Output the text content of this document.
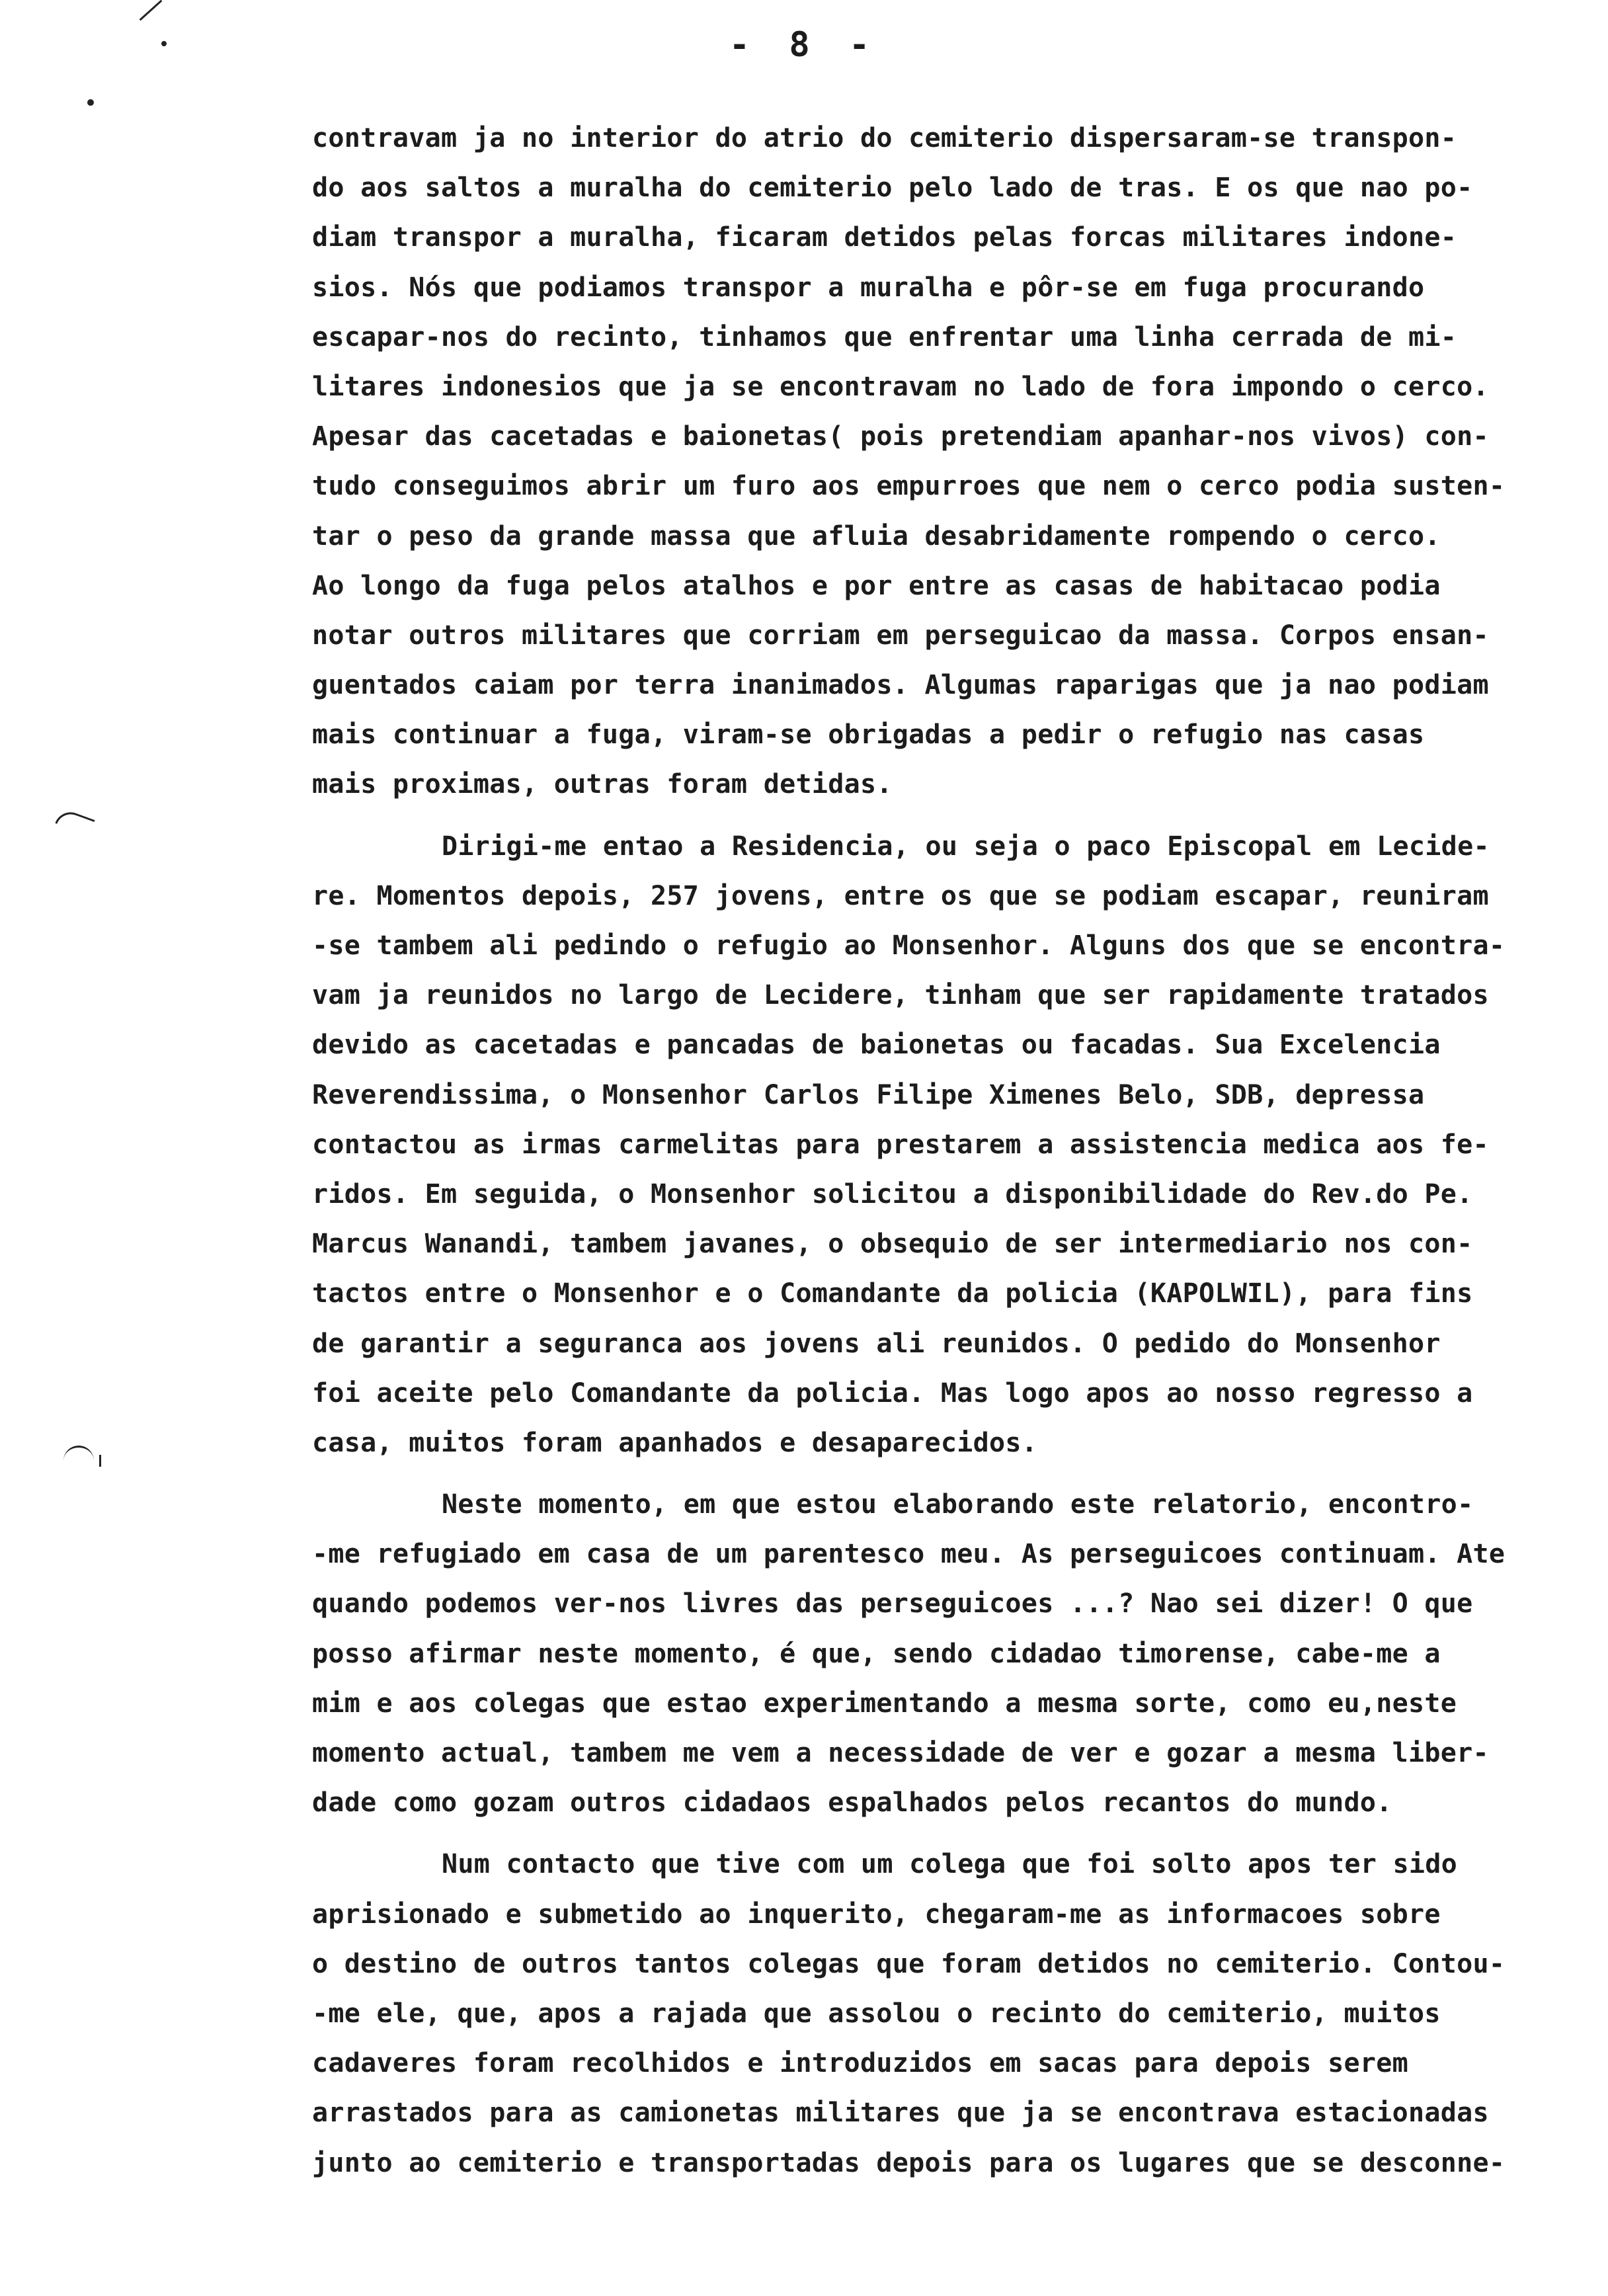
- 8 -
contravam ja no interior do atrio do cemiterio dispersaram-se transpon-
do aos saltos a muralha do cemiterio pelo lado de tras. E os que nao po-
diam transpor a muralha, ficaram detidos pelas forcas militares indone-
sios. Nós que podiamos transpor a muralha e pôr-se em fuga procurando
escapar-nos do recinto, tinhamos que enfrentar uma linha cerrada de mi-
litares indonesios que ja se encontravam no lado de fora impondo o cerco.
Apesar das cacetadas e baionetas( pois pretendiam apanhar-nos vivos) con-
tudo conseguimos abrir um furo aos empurroes que nem o cerco podia susten-
tar o peso da grande massa que afluia desabridamente rompendo o cerco.
Ao longo da fuga pelos atalhos e por entre as casas de habitacao podia
notar outros militares que corriam em perseguicao da massa. Corpos ensan-
guentados caiam por terra inanimados. Algumas raparigas que ja nao podiam
mais continuar a fuga, viram-se obrigadas a pedir o refugio nas casas
mais proximas, outras foram detidas.
Dirigi-me entao a Residencia, ou seja o paco Episcopal em Lecide-
re. Momentos depois, 257 jovens, entre os que se podiam escapar, reuniram
-se tambem ali pedindo o refugio ao Monsenhor. Alguns dos que se encontra-
vam ja reunidos no largo de Lecidere, tinham que ser rapidamente tratados
devido as cacetadas e pancadas de baionetas ou facadas. Sua Excelencia
Reverendissima, o Monsenhor Carlos Filipe Ximenes Belo, SDB, depressa
contactou as irmas carmelitas para prestarem a assistencia medica aos fe-
ridos. Em seguida, o Monsenhor solicitou a disponibilidade do Rev.do Pe.
Marcus Wanandi, tambem javanes, o obsequio de ser intermediario nos con-
tactos entre o Monsenhor e o Comandante da policia (KAPOLWIL), para fins
de garantir a seguranca aos jovens ali reunidos. O pedido do Monsenhor
foi aceite pelo Comandante da policia. Mas logo apos ao nosso regresso a
casa, muitos foram apanhados e desaparecidos.
Neste momento, em que estou elaborando este relatorio, encontro-
-me refugiado em casa de um parentesco meu. As perseguicoes continuam. Ate
quando podemos ver-nos livres das perseguicoes ...? Nao sei dizer! O que
posso afirmar neste momento, é que, sendo cidadao timorense, cabe-me a
mim e aos colegas que estao experimentando a mesma sorte, como eu,neste
momento actual, tambem me vem a necessidade de ver e gozar a mesma liber-
dade como gozam outros cidadaos espalhados pelos recantos do mundo.
Num contacto que tive com um colega que foi solto apos ter sido
aprisionado e submetido ao inquerito, chegaram-me as informacoes sobre
o destino de outros tantos colegas que foram detidos no cemiterio. Contou-
-me ele, que, apos a rajada que assolou o recinto do cemiterio, muitos
cadaveres foram recolhidos e introduzidos em sacas para depois serem
arrastados para as camionetas militares que ja se encontrava estacionadas
junto ao cemiterio e transportadas depois para os lugares que se desconne-
